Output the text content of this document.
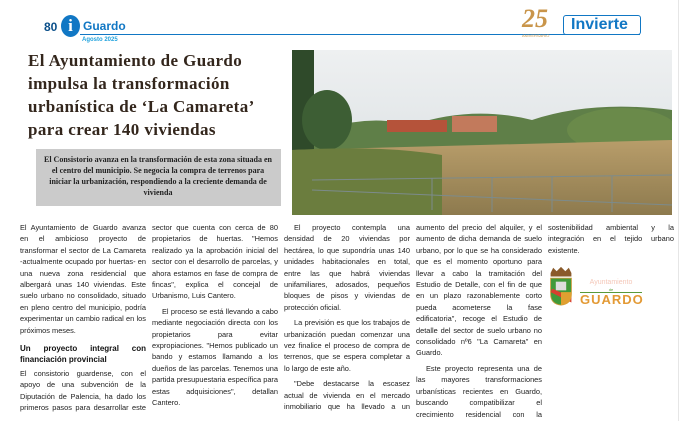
80 i Guardo
Agosto 2025
25
ANIVERSARIO
Invierte
El Ayuntamiento de Guardo impulsa la transformación urbanística de ‘La Camareta’ para crear 140 viviendas
El Consistorio avanza en la transformación de esta zona situada en el centro del municipio. Se negocia la compra de terrenos para iniciar la urbanización, respondiendo a la creciente demanda de vivienda

El Ayuntamiento de Guardo avanza en el ambicioso proyecto de transformar el sector de La Camareta -actualmente ocupado por huertas- en una nueva zona residencial que albergará unas 140 viviendas. Este suelo urbano no consolidado, situado en pleno centro del municipio, podría experimentar un cambio radical en los próximos meses.

Un proyecto integral con financiación provincial

El consistorio guardense, con el apoyo de una subvención de la Diputación de Palencia, ha dado los primeros pasos para desarrollar este sector que cuenta con cerca de 80 propietarios de huertas. "Hemos realizado ya la aprobación inicial del sector con el desarrollo de parcelas, y ahora estamos en fase de compra de fincas", explica el concejal de Urbanismo, Luis Cantero.

El proceso se está llevando a cabo mediante negociación directa con los propietarios para evitar expropiaciones. "Hemos publicado un bando y estamos llamando a los dueños de las parcelas. Tenemos una partida presupuestaria específica para estas adquisiciones", detallan Cantero.

El proyecto contempla una densidad de 20 viviendas por hectárea, lo que supondría unas 140 unidades habitacionales en total, entre las que habrá viviendas unifamiliares, adosados, pequeños bloques de pisos y viviendas de protección oficial.

La previsión es que los trabajos de urbanización puedan comenzar una vez finalice el proceso de compra de terrenos, que se espera completar a lo largo de este año.

"Debe destacarse la escasez actual de vivienda en el mercado inmobiliario que ha llevado a un aumento del precio del alquiler, y el aumento de dicha demanda de suelo urbano, por lo que se ha considerado que es el momento oportuno para llevar a cabo la tramitación del Estudio de Detalle, con el fin de que en un plazo razonablemente corto pueda acometerse la fase edificatoria", recoge el Estudio de detalle del sector de suelo urbano no consolidado nº6 "La Camareta" en Guardo.

Este proyecto representa una de las mayores transformaciones urbanísticas recientes en Guardo, buscando compatibilizar el crecimiento residencial con la sostenibilidad ambiental y la integración en el tejido urbano existente.

Ayuntamiento
de
GUARDO
